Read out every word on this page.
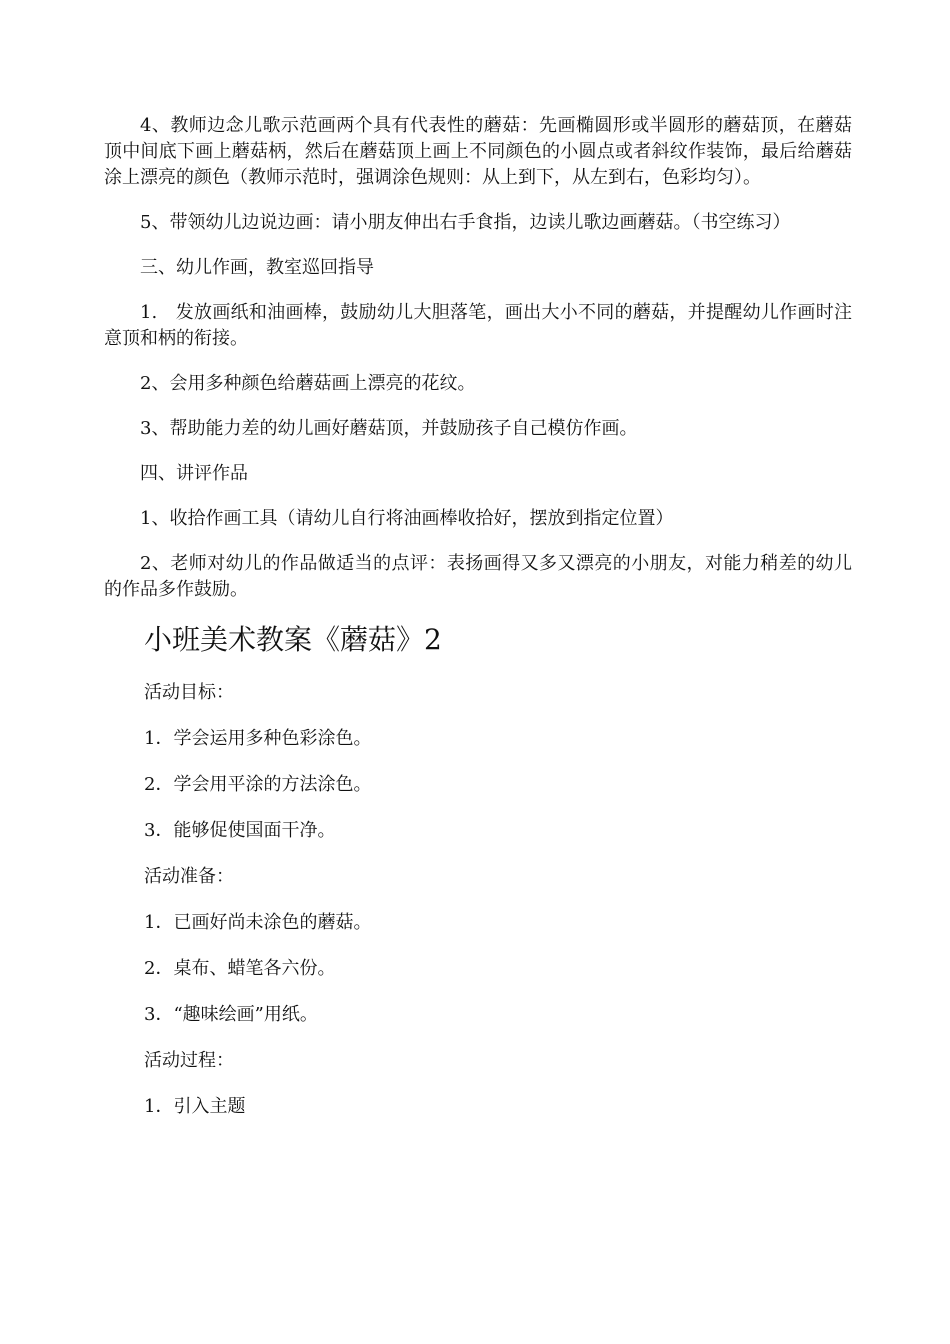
4、教师边念儿歌示范画两个具有代表性的蘑菇：先画椭圆形或半圆形的蘑菇顶，在蘑菇顶中间底下画上蘑菇柄，然后在蘑菇顶上画上不同颜色的小圆点或者斜纹作装饰，最后给蘑菇涂上漂亮的颜色（教师示范时，强调涂色规则：从上到下，从左到右，色彩均匀）。

5、带领幼儿边说边画：请小朋友伸出右手食指，边读儿歌边画蘑菇。（书空练习）

三、幼儿作画，教室巡回指导

1.　发放画纸和油画棒，鼓励幼儿大胆落笔，画出大小不同的蘑菇，并提醒幼儿作画时注意顶和柄的衔接。

2、会用多种颜色给蘑菇画上漂亮的花纹。

3、帮助能力差的幼儿画好蘑菇顶，并鼓励孩子自己模仿作画。

四、讲评作品

1、收拾作画工具（请幼儿自行将油画棒收拾好，摆放到指定位置）

2、老师对幼儿的作品做适当的点评：表扬画得又多又漂亮的小朋友，对能力稍差的幼儿的作品多作鼓励。

小班美术教案《蘑菇》2

活动目标：

1．学会运用多种色彩涂色。

2．学会用平涂的方法涂色。

3．能够促使国面干净。

活动准备：

1．已画好尚未涂色的蘑菇。

2．桌布、蜡笔各六份。

3．“趣味绘画”用纸。

活动过程：

1．引入主题
